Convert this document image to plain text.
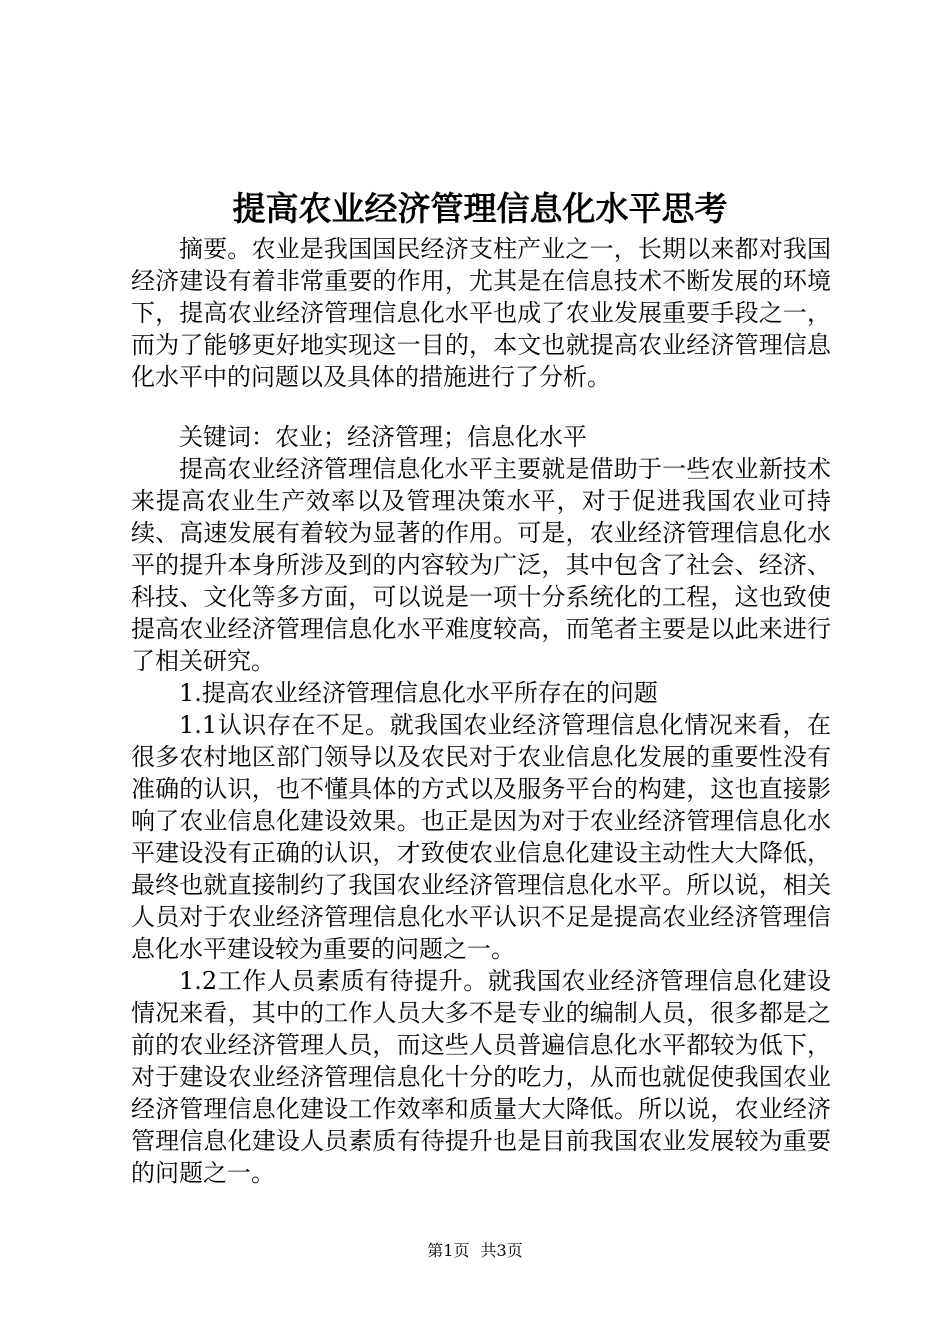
提高农业经济管理信息化水平思考

摘要。农业是我国国民经济支柱产业之一，长期以来都对我国经济建设有着非常重要的作用，尤其是在信息技术不断发展的环境下，提高农业经济管理信息化水平也成了农业发展重要手段之一，而为了能够更好地实现这一目的，本文也就提高农业经济管理信息化水平中的问题以及具体的措施进行了分析。

关键词：农业；经济管理；信息化水平

提高农业经济管理信息化水平主要就是借助于一些农业新技术来提高农业生产效率以及管理决策水平，对于促进我国农业可持续、高速发展有着较为显著的作用。可是，农业经济管理信息化水平的提升本身所涉及到的内容较为广泛，其中包含了社会、经济、科技、文化等多方面，可以说是一项十分系统化的工程，这也致使提高农业经济管理信息化水平难度较高，而笔者主要是以此来进行了相关研究。

1.提高农业经济管理信息化水平所存在的问题

1.1认识存在不足。就我国农业经济管理信息化情况来看，在很多农村地区部门领导以及农民对于农业信息化发展的重要性没有准确的认识，也不懂具体的方式以及服务平台的构建，这也直接影响了农业信息化建设效果。也正是因为对于农业经济管理信息化水平建设没有正确的认识，才致使农业信息化建设主动性大大降低，最终也就直接制约了我国农业经济管理信息化水平。所以说，相关人员对于农业经济管理信息化水平认识不足是提高农业经济管理信息化水平建设较为重要的问题之一。

1.2工作人员素质有待提升。就我国农业经济管理信息化建设情况来看，其中的工作人员大多不是专业的编制人员，很多都是之前的农业经济管理人员，而这些人员普遍信息化水平都较为低下，对于建设农业经济管理信息化十分的吃力，从而也就促使我国农业经济管理信息化建设工作效率和质量大大降低。所以说，农业经济管理信息化建设人员素质有待提升也是目前我国农业发展较为重要的问题之一。

第1页 共3页
